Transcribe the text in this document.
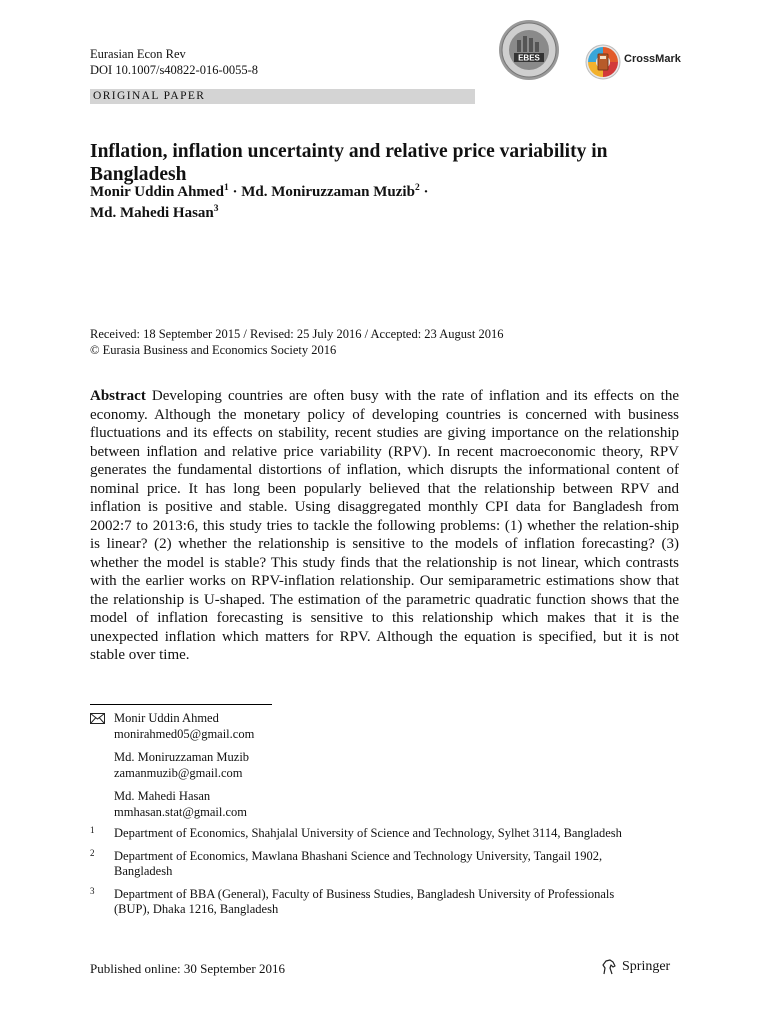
Eurasian Econ Rev
DOI 10.1007/s40822-016-0055-8
EBES	CrossMark
ORIGINAL PAPER
Inflation, inflation uncertainty and relative price variability in Bangladesh
Monir Uddin Ahmed$^1$ · Md. Moniruzzaman Muzib$^2$ ·
Md. Mahedi Hasan$^3$
Received: 18 September 2015 / Revised: 25 July 2016 / Accepted: 23 August 2016
© Eurasia Business and Economics Society 2016
Abstract Developing countries are often busy with the rate of inflation and its effects on the economy. Although the monetary policy of developing countries is concerned with business fluctuations and its effects on stability, recent studies are giving importance on the relationship between inflation and relative price variability (RPV). In recent macroeconomic theory, RPV generates the fundamental distortions of inflation, which disrupts the informational content of nominal price. It has long been popularly believed that the relationship between RPV and inflation is positive and stable. Using disaggregated monthly CPI data for Bangladesh from 2002:7 to 2013:6, this study tries to tackle the following problems: (1) whether the relation-ship is linear? (2) whether the relationship is sensitive to the models of inflation forecasting? (3) whether the model is stable? This study finds that the relationship is not linear, which contrasts with the earlier works on RPV-inflation relationship. Our semiparametric estimations show that the relationship is U-shaped. The estimation of the parametric quadratic function shows that the model of inflation forecasting is sensitive to this relationship which makes that it is the unexpected inflation which matters for RPV. Although the equation is specified, but it is not stable over time.
Monir Uddin Ahmed
monirahmed05@gmail.com
Md. Moniruzzaman Muzib
zamanmuzib@gmail.com
Md. Mahedi Hasan
mmhasan.stat@gmail.com
1 Department of Economics, Shahjalal University of Science and Technology, Sylhet 3114, Bangladesh
2 Department of Economics, Mawlana Bhashani Science and Technology University, Tangail 1902, Bangladesh
3 Department of BBA (General), Faculty of Business Studies, Bangladesh University of Professionals (BUP), Dhaka 1216, Bangladesh
Published online: 30 September 2016	Springer
